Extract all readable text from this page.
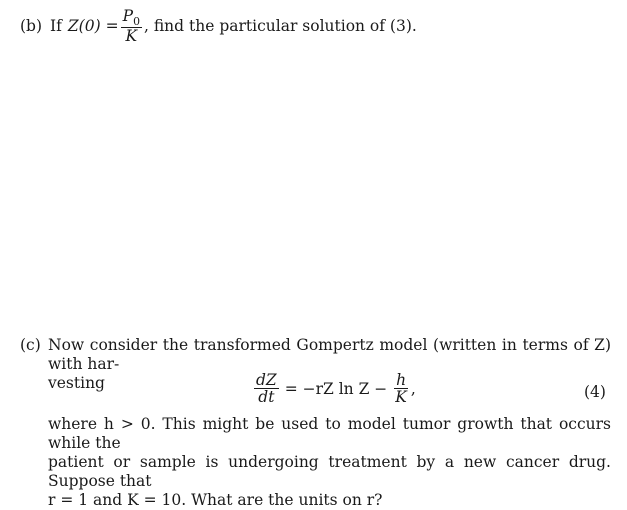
(b) If $Z(0) = \frac{P_0}{K}$ , find the particular solution of (3).
(c) Now consider the transformed Gompertz model (written in terms of Z) with har-
vesting	$\frac{dZ}{dt} = -rZ$ $\ln Z - \frac{h}{K}$ ,	(4)
where h > 0. This might be used to model tumor growth that occurs while the
patient or sample is undergoing treatment by a new cancer drug. Suppose that
r = 1 and K = 10. What are the units on r?
